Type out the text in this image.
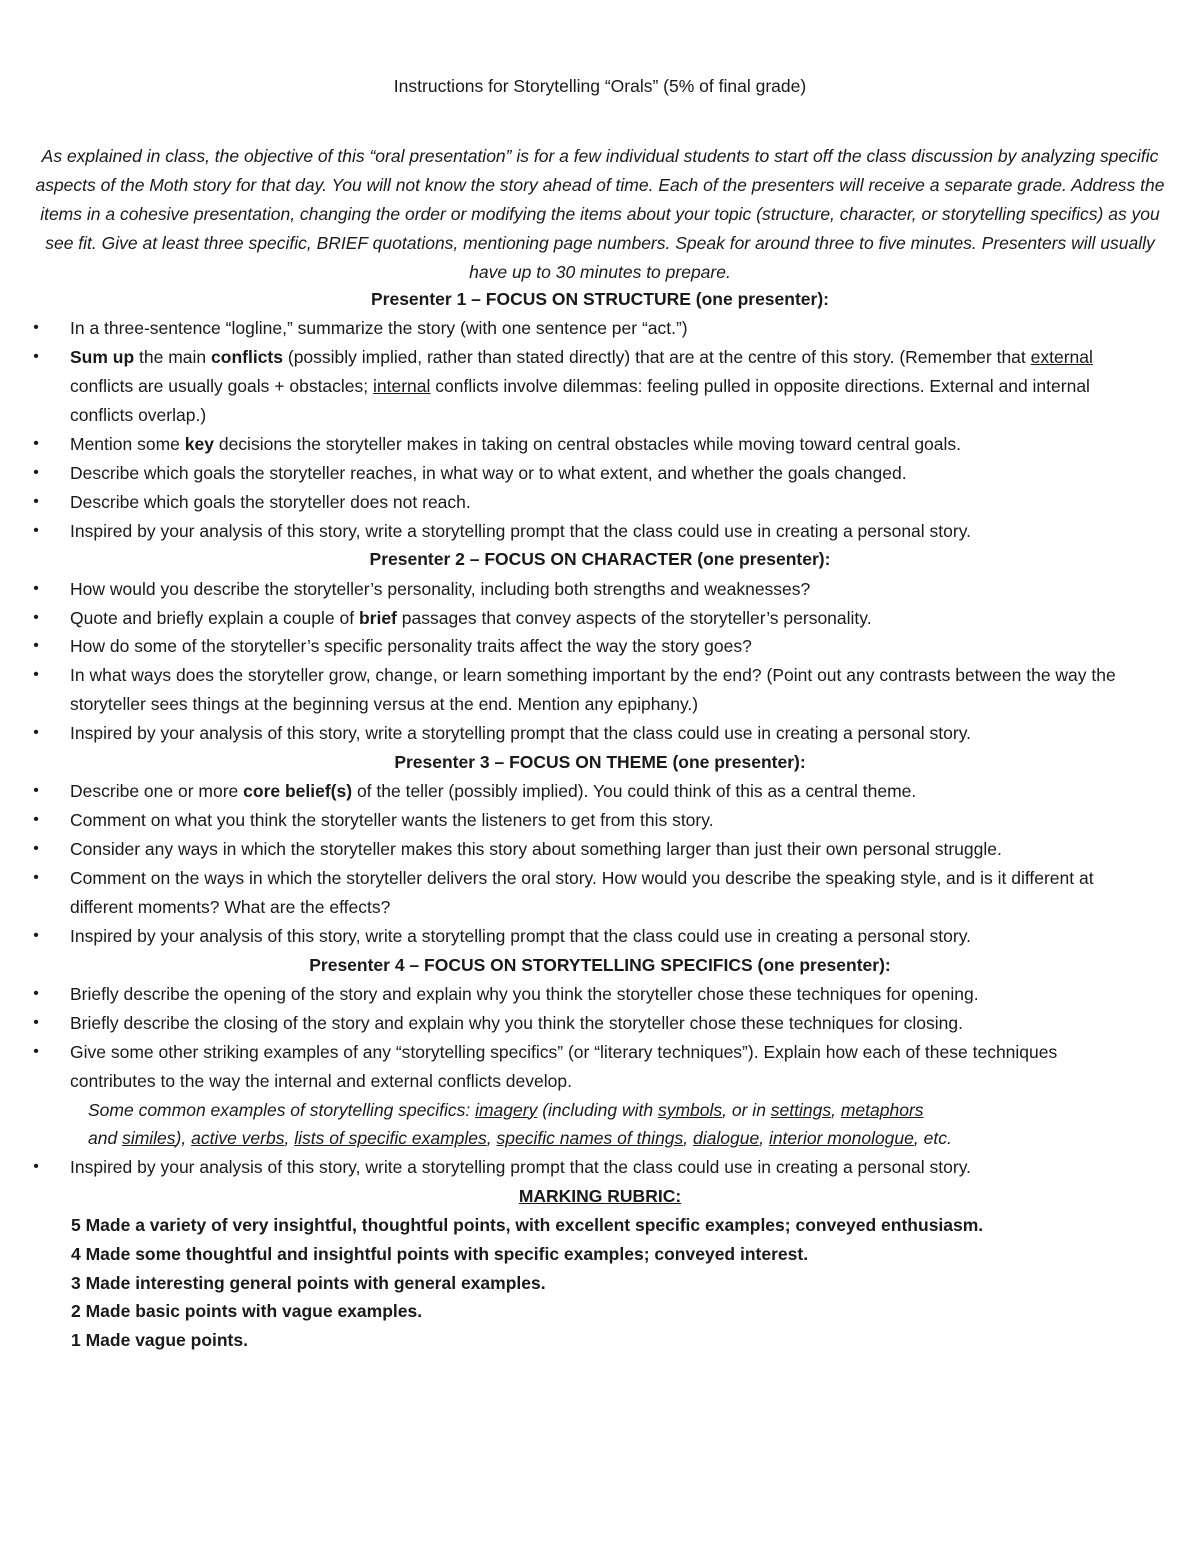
Instructions for Storytelling “Orals” (5% of final grade)
As explained in class, the objective of this “oral presentation” is for a few individual students to start off the class discussion by analyzing specific aspects of the Moth story for that day. You will not know the story ahead of time. Each of the presenters will receive a separate grade. Address the items in a cohesive presentation, changing the order or modifying the items about your topic (structure, character, or storytelling specifics) as you see fit. Give at least three specific, BRIEF quotations, mentioning page numbers. Speak for around three to five minutes. Presenters will usually have up to 30 minutes to prepare.
Presenter 1 – FOCUS ON STRUCTURE (one presenter):
•
In a three-sentence “logline,” summarize the story (with one sentence per “act.”)
•
Sum up the main conflicts (possibly implied, rather than stated directly) that are at the centre of this story. (Remember that external conflicts are usually goals + obstacles; internal conflicts involve dilemmas: feeling pulled in opposite directions. External and internal conflicts overlap.)
•
Mention some key decisions the storyteller makes in taking on central obstacles while moving toward central goals.
•
Describe which goals the storyteller reaches, in what way or to what extent, and whether the goals changed.
•
Describe which goals the storyteller does not reach.
•
Inspired by your analysis of this story, write a storytelling prompt that the class could use in creating a personal story.
Presenter 2 – FOCUS ON CHARACTER (one presenter):
•
How would you describe the storyteller’s personality, including both strengths and weaknesses?
•
Quote and briefly explain a couple of brief passages that convey aspects of the storyteller’s personality.
•
How do some of the storyteller’s specific personality traits affect the way the story goes?
•
In what ways does the storyteller grow, change, or learn something important by the end? (Point out any contrasts between the way the storyteller sees things at the beginning versus at the end. Mention any epiphany.)
•
Inspired by your analysis of this story, write a storytelling prompt that the class could use in creating a personal story.
Presenter 3 – FOCUS ON THEME (one presenter):
•
Describe one or more core belief(s) of the teller (possibly implied). You could think of this as a central theme.
•
Comment on what you think the storyteller wants the listeners to get from this story.
•
Consider any ways in which the storyteller makes this story about something larger than just their own personal struggle.
•
Comment on the ways in which the storyteller delivers the oral story. How would you describe the speaking style, and is it different at different moments? What are the effects?
•
Inspired by your analysis of this story, write a storytelling prompt that the class could use in creating a personal story.
Presenter 4 – FOCUS ON STORYTELLING SPECIFICS (one presenter):
•
Briefly describe the opening of the story and explain why you think the storyteller chose these techniques for opening.
•
Briefly describe the closing of the story and explain why you think the storyteller chose these techniques for closing.
•
Give some other striking examples of any “storytelling specifics” (or “literary techniques”). Explain how each of these techniques contributes to the way the internal and external conflicts develop.
Some common examples of storytelling specifics: imagery (including with symbols, or in settings, metaphors
and similes), active verbs, lists of specific examples, specific names of things, dialogue, interior monologue, etc.
•
Inspired by your analysis of this story, write a storytelling prompt that the class could use in creating a personal story.
MARKING RUBRIC:
5 Made a variety of very insightful, thoughtful points, with excellent specific examples; conveyed enthusiasm.
4 Made some thoughtful and insightful points with specific examples; conveyed interest.
3 Made interesting general points with general examples.
2 Made basic points with vague examples.
1 Made vague points.
